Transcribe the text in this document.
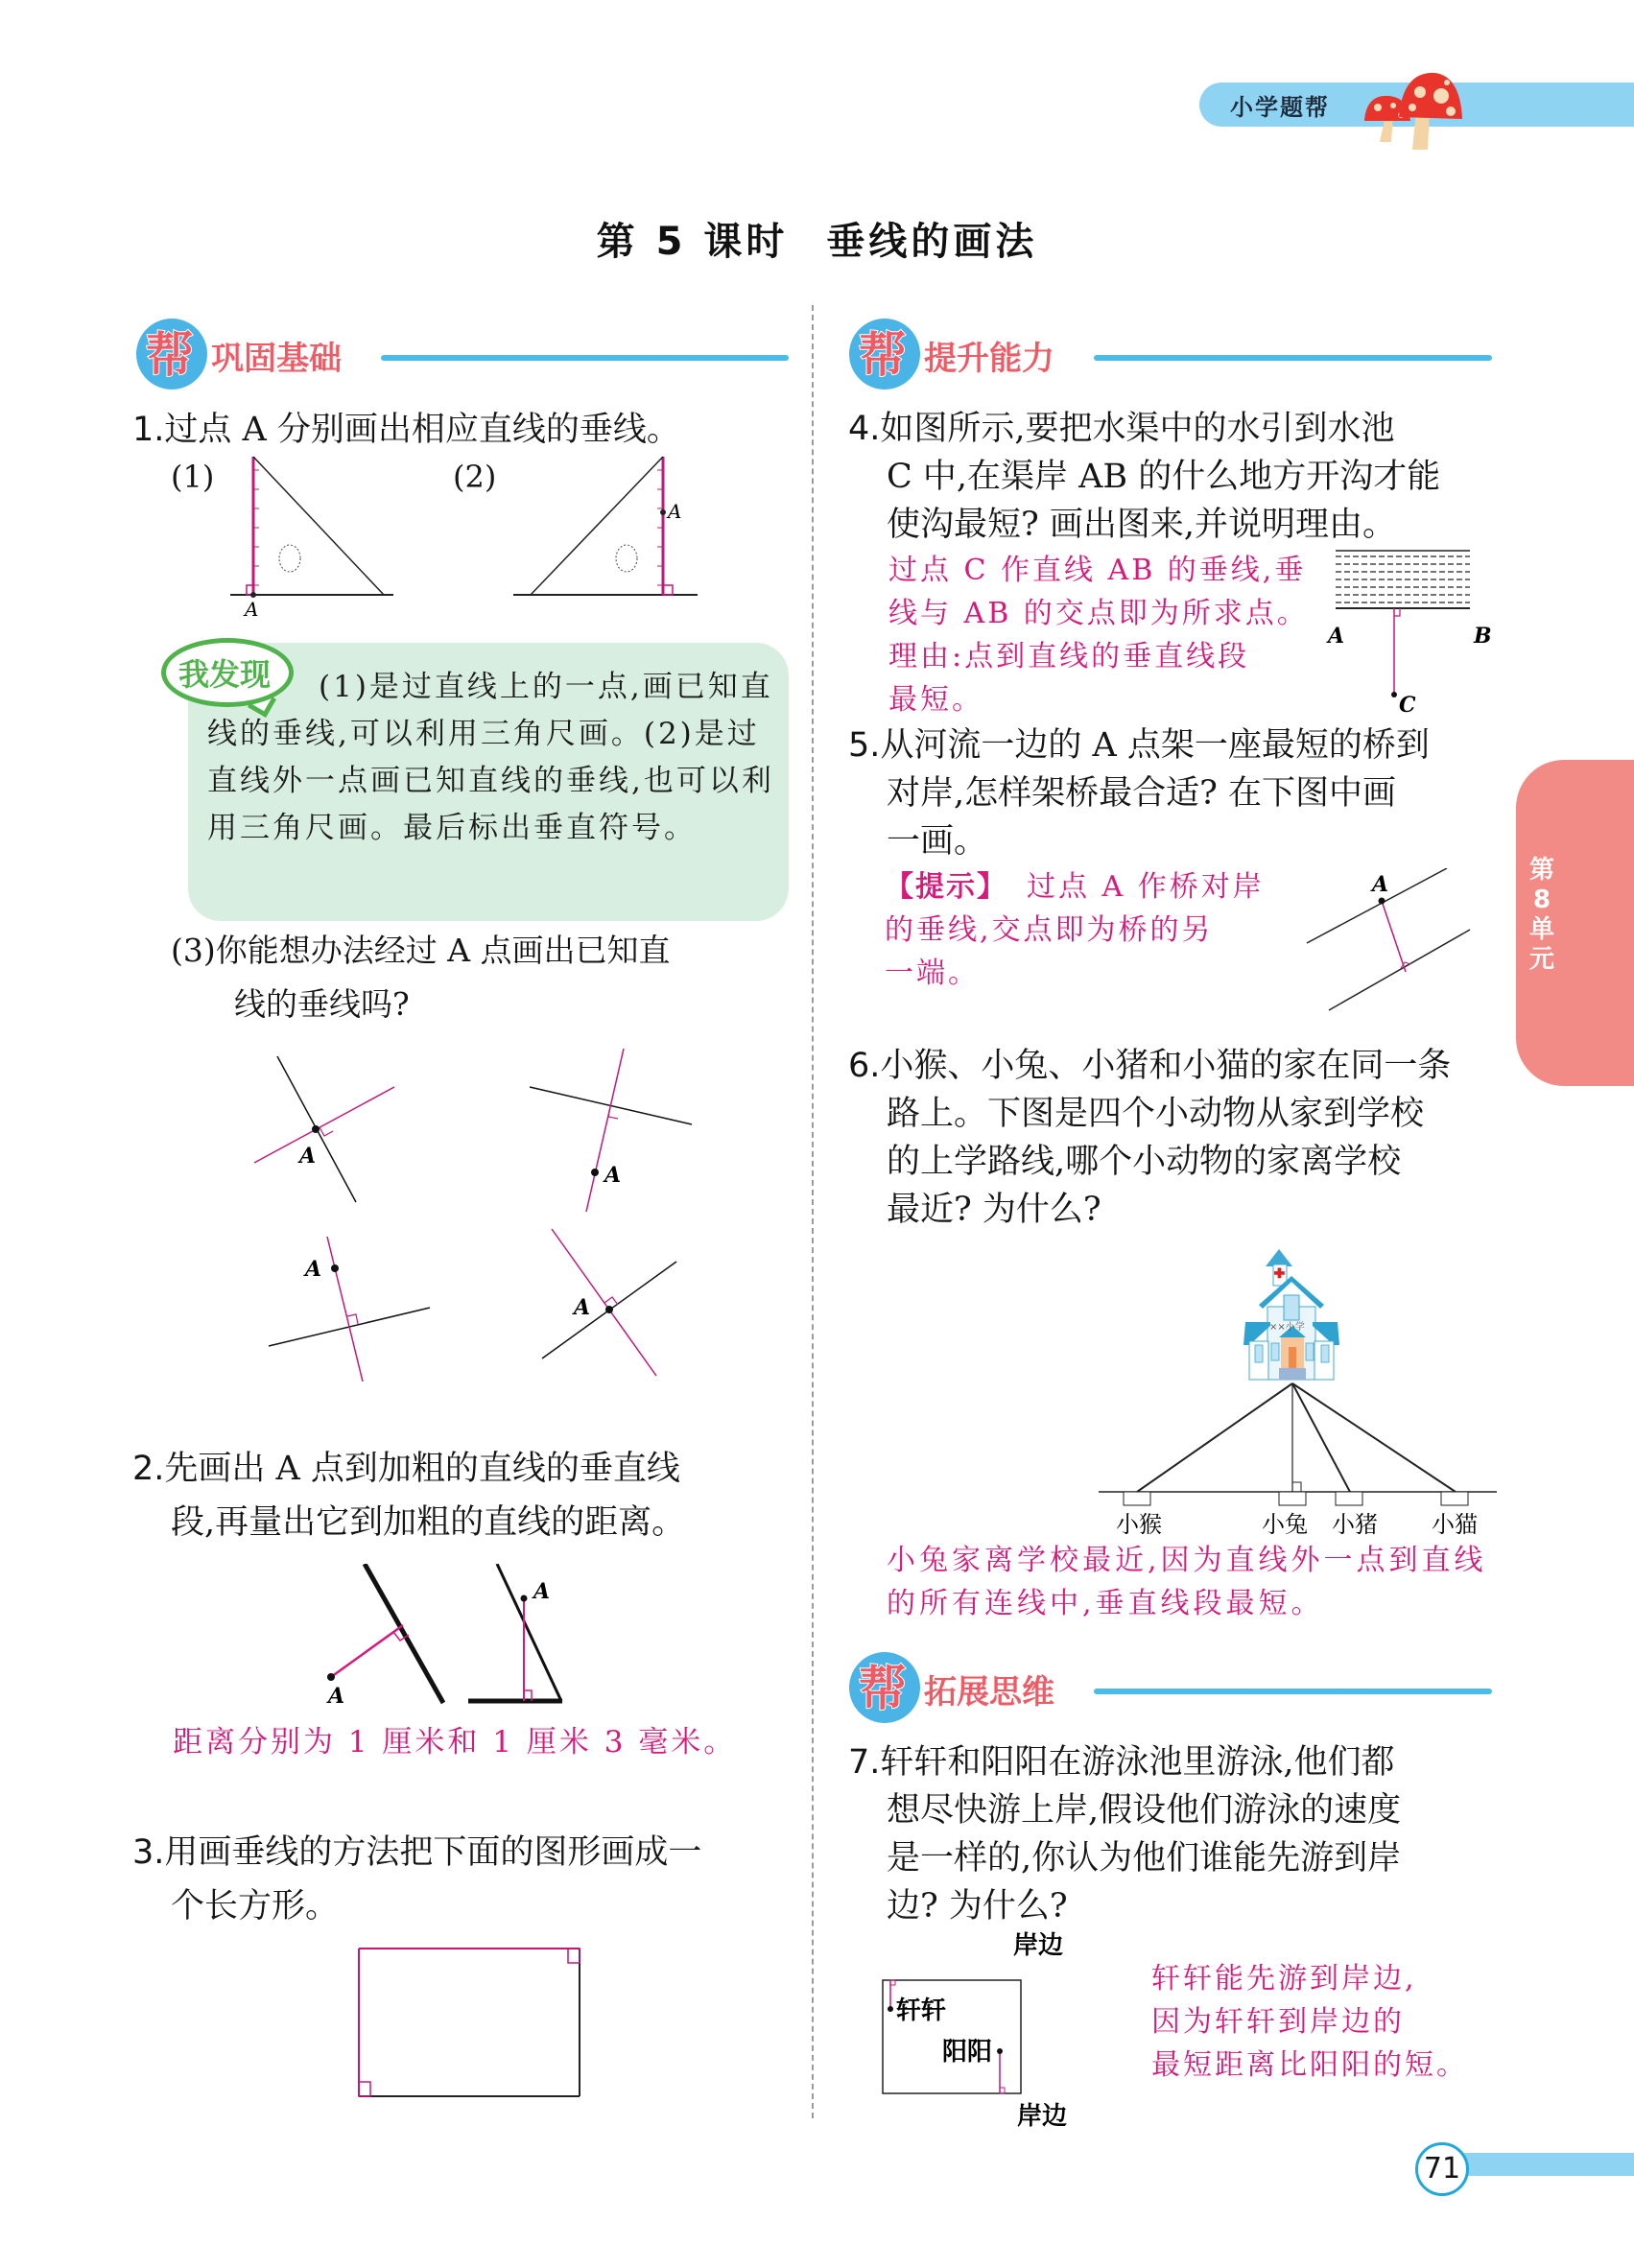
小学题帮
第 5 课时 垂线的画法
帮 巩固基础
1.过点 A 分别画出相应直线的垂线。
(1)	(2)
A
A
我发现	(1)是过直线上的一点,画已知直线的垂线,可以利用三角尺画。(2)是过直线外一点画已知直线的垂线,也可以利用三角尺画。最后标出垂直符号。
(3)你能想办法经过 A 点画出已知直
线的垂线吗?
A
A
A
A
2.先画出 A 点到加粗的直线的垂直线
段,再量出它到加粗的直线的距离。
A
A
距离分别为 1 厘米和 1 厘米 3 毫米。
3.用画垂线的方法把下面的图形画成一
个长方形。
帮 提升能力
4.如图所示,要把水渠中的水引到水池
C 中,在渠岸 AB 的什么地方开沟才能
使沟最短? 画出图来,并说明理由。
过点 C 作直线 AB 的垂线,垂
线与 AB 的交点即为所求点。
理由:点到直线的垂直线段
最短。
A	B
C
5.从河流一边的 A 点架一座最短的桥到
对岸,怎样架桥最合适? 在下图中画
一画。
【提示】 过点 A 作桥对岸
的垂线,交点即为桥的另
一端。
A
6.小猴、小兔、小猪和小猫的家在同一条
路上。下图是四个小动物从家到学校
的上学路线,哪个小动物的家离学校
最近? 为什么?
××小学
小猴	小兔 小猪 小猫
小兔家离学校最近,因为直线外一点到直线
的所有连线中,垂直线段最短。
帮 拓展思维
7.轩轩和阳阳在游泳池里游泳,他们都
想尽快游上岸,假设他们游泳的速度
是一样的,你认为他们谁能先游到岸
边? 为什么?
岸边
轩轩
阳阳
岸边
轩轩能先游到岸边,
因为轩轩到岸边的
最短距离比阳阳的短。
第8单元
71
